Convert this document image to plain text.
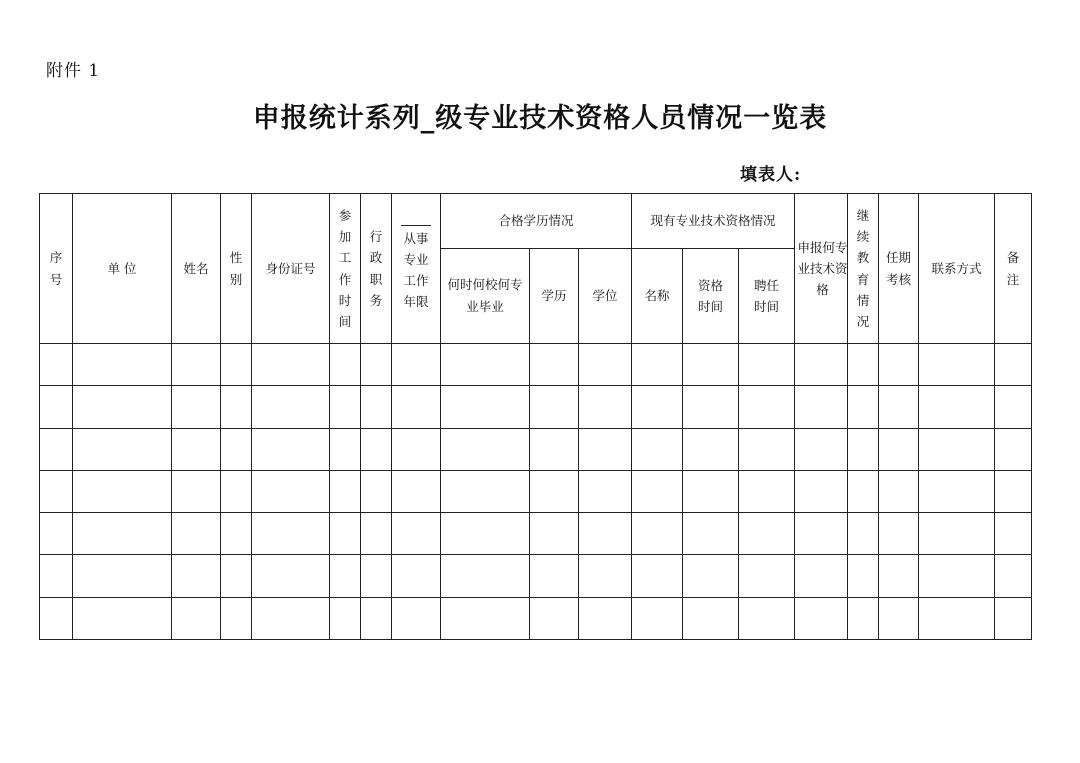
附件 1
申报统计系列_级专业技术资格人员情况一览表
填表人:
序号	单 位	姓名	性别	身份证号	参加工作时间	行政职务	从事专业工作年限	合格学历情况			现有专业技术资格情况			申报何专业技术资格	继续教育情况	任期考核	联系方式	备注
								何时何校何专业毕业	学历	学位	名称	资格时间	聘任时间					
